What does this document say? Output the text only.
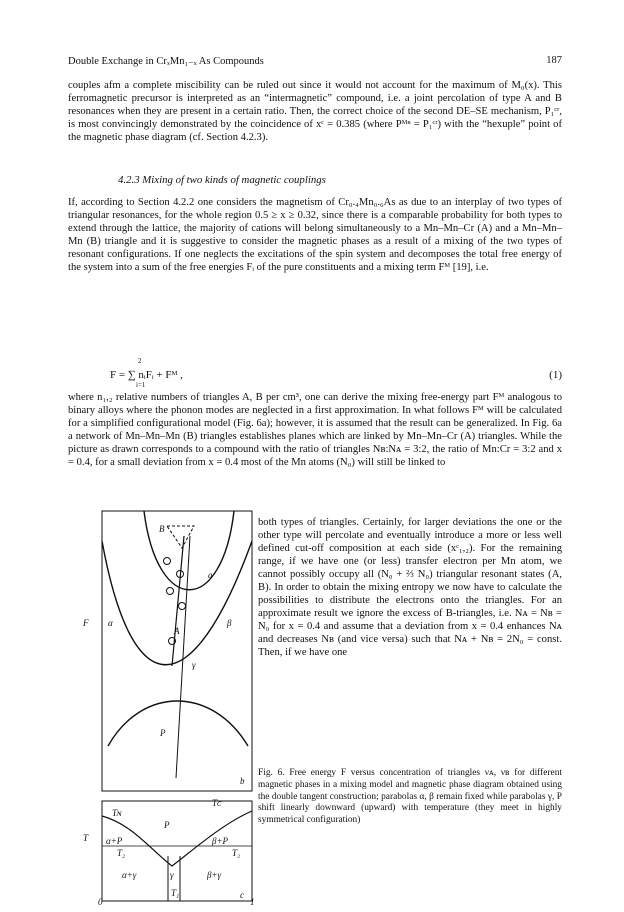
Double Exchange in CrₓMn₁₋ₓ As Compounds	187
couples afm a complete miscibility can be ruled out since it would not account for the maximum of M₀(x). This ferromagnetic precursor is interpreted as an “intermagnetic” compound, i.e. a joint percolation of type A and B resonances when they are present in a certain ratio. Then, the correct choice of the second DE–SE mechanism, P₁ᶜʳ, is most convincingly demonstrated by the coincidence of xᶜ = 0.385 (where Pᴹⁿ = P₁ᶜʳ) with the “hexuple” point of the magnetic phase diagram (cf. Section 4.2.3).
4.2.3 Mixing of two kinds of magnetic couplings
If, according to Section 4.2.2 one considers the magnetism of Cr₀.₄Mn₀.₆As as due to an interplay of two types of triangular resonances, for the whole region 0.5 ≥ x ≥ 0.32, since there is a comparable probability for both types to extend through the lattice, the majority of cations will belong simultaneously to a Mn–Mn–Cr (A) and a Mn–Mn–Mn (B) triangle and it is suggestive to consider the magnetic phases as a result of a mixing of the two types of resonant configurations. If one neglects the excitations of the spin system and decomposes the total free energy of the system into a sum of the free energies Fᵢ of the pure constituents and a mixing term Fᴹ [19], i.e.
2
F = ∑ nᵢFᵢ + Fᴹ ,
i=1
(1)
where n₁,₂ relative numbers of triangles A, B per cm³, one can derive the mixing free-energy part Fᴹ analogous to binary alloys where the phonon modes are neglected in a first approximation. In what follows Fᴹ will be calculated for a simplified configurational model (Fig. 6a); however, it is assumed that the result can be generalized. In Fig. 6a a network of Mn–Mn–Mn (B) triangles establishes planes which are linked by Mn–Mn–Cr (A) triangles. While the picture as drawn corresponds to a compound with the ratio of triangles Nʙ:Nᴀ = 3:2, the ratio of Mn:Cr = 3:2 and x = 0.4, for a small deviation from x = 0.4 most of the Mn atoms (N₀) will still be linked to
both types of triangles. Certainly, for larger deviations the one or the other type will percolate and eventually introduce a more or less well defined cut-off composition at each side (xᶜ₁,₂). For the remaining range, if we have one (or less) transfer electron per Mn atom, we cannot possibly occupy all (N₀ + ⅔ N₀) triangular resonant states (A, B). In order to obtain the mixing entropy we now have to calculate the possibilities to distribute the electrons onto the triangles. For an approximate result we ignore the excess of B-triangles, i.e. Nᴀ = Nʙ = N₀ for x = 0.4 and assume that a deviation from x = 0.4 enhances Nᴀ and decreases Nʙ (and vice versa) such that Nᴀ + Nʙ = 2N₀ = const. Then, if we have one
F
B
A
a
α	β
γ
P
b
T
Tɴ
Tᴄ
P
α+P	β+P
T₂	T₂
α+γ	β+γ
γ
T₁	c
0	1
Fig. 6. Free energy F versus concentration of triangles νᴀ, νʙ for different magnetic phases in a mixing model and magnetic phase diagram obtained using the double tangent construction; parabolas α, β remain fixed while parabolas γ, P shift linearly downward (upward) with temperature (they meet in highly symmetrical configuration)
